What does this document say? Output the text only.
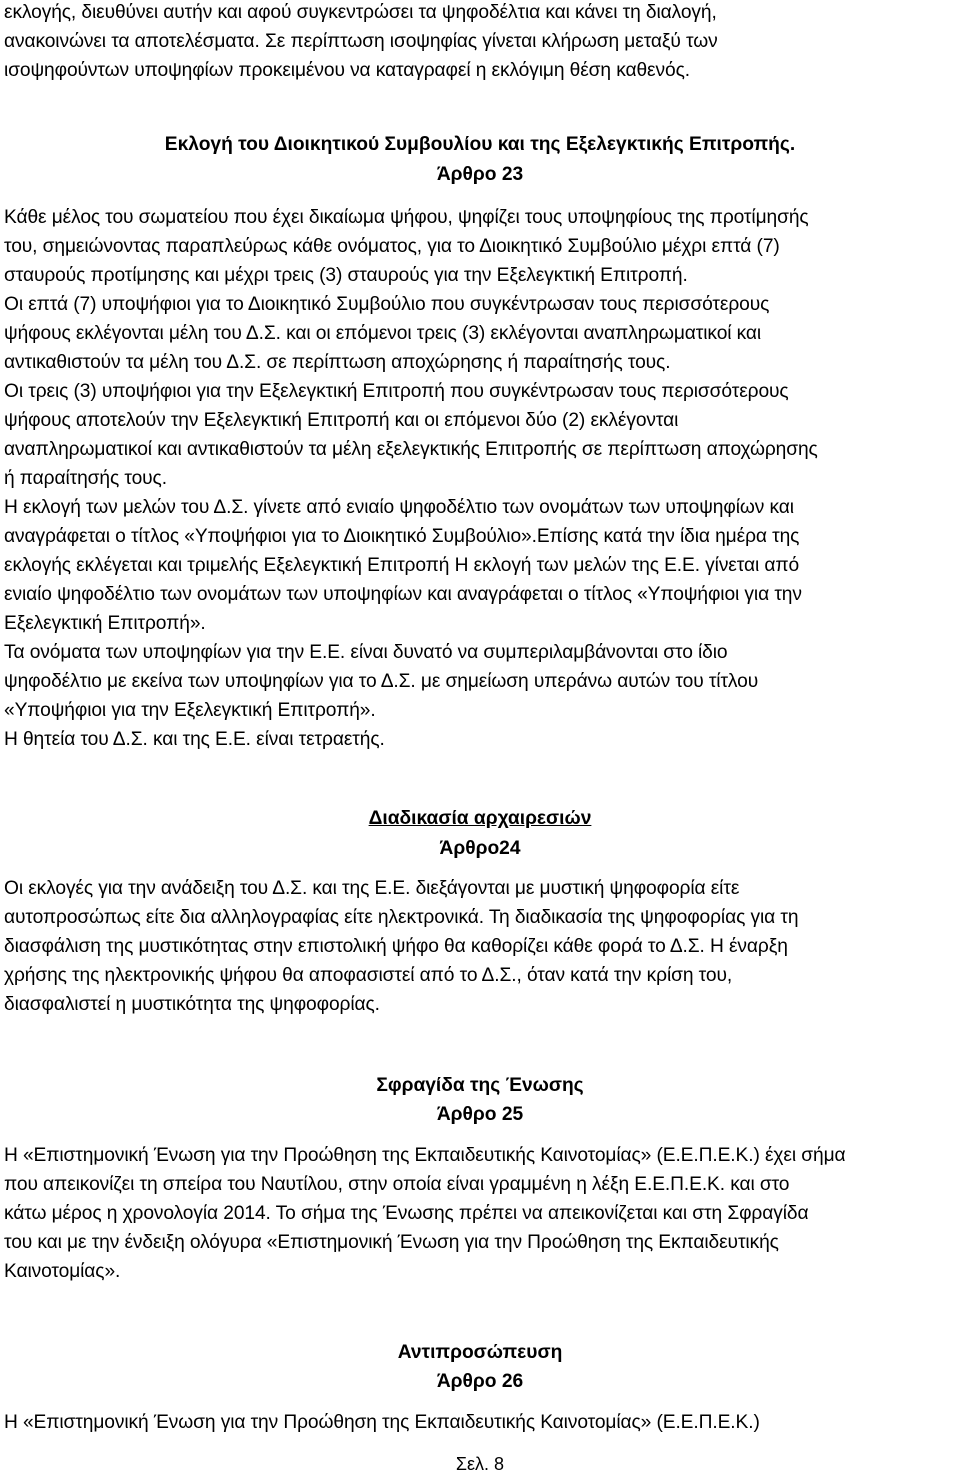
εκλογής, διευθύνει αυτήν και αφού συγκεντρώσει τα ψηφοδέλτια και κάνει τη διαλογή,
ανακοινώνει τα αποτελέσματα. Σε περίπτωση ισοψηφίας γίνεται κλήρωση μεταξύ των
ισοψηφούντων υποψηφίων προκειμένου να καταγραφεί η εκλόγιμη θέση καθενός.
Εκλογή του Διοικητικού Συμβουλίου και της Εξελεγκτικής Επιτροπής.
Άρθρο 23
Κάθε μέλος του σωματείου που έχει δικαίωμα ψήφου, ψηφίζει τους υποψηφίους της προτίμησής
του, σημειώνοντας παραπλεύρως κάθε ονόματος, για το Διοικητικό Συμβούλιο μέχρι επτά (7)
σταυρούς προτίμησης και μέχρι τρεις (3) σταυρούς για την Εξελεγκτική Επιτροπή.
Οι επτά (7) υποψήφιοι για το Διοικητικό Συμβούλιο που συγκέντρωσαν τους περισσότερους
ψήφους εκλέγονται μέλη του Δ.Σ. και οι επόμενοι τρεις (3) εκλέγονται αναπληρωματικοί και
αντικαθιστούν τα μέλη του Δ.Σ. σε περίπτωση αποχώρησης ή παραίτησής τους.
Οι τρεις (3) υποψήφιοι για την Εξελεγκτική Επιτροπή που συγκέντρωσαν τους περισσότερους
ψήφους αποτελούν την Εξελεγκτική Επιτροπή και οι επόμενοι δύο (2) εκλέγονται
αναπληρωματικοί και αντικαθιστούν τα μέλη εξελεγκτικής Επιτροπής σε περίπτωση αποχώρησης
ή παραίτησής τους.
Η εκλογή των μελών του Δ.Σ. γίνετε από ενιαίο ψηφοδέλτιο των ονομάτων των υποψηφίων και
αναγράφεται ο τίτλος «Υποψήφιοι για το Διοικητικό Συμβούλιο».Επίσης κατά την ίδια ημέρα της
εκλογής εκλέγεται και τριμελής Εξελεγκτική Επιτροπή Η εκλογή των μελών της Ε.Ε. γίνεται από
ενιαίο ψηφοδέλτιο των ονομάτων των υποψηφίων και αναγράφεται ο τίτλος «Υποψήφιοι για την
Εξελεγκτική Επιτροπή».
Τα ονόματα των υποψηφίων για την Ε.Ε. είναι δυνατό να συμπεριλαμβάνονται στο ίδιο
ψηφοδέλτιο με εκείνα των υποψηφίων για το Δ.Σ. με σημείωση υπεράνω αυτών του τίτλου
«Υποψήφιοι για την Εξελεγκτική Επιτροπή».
Η θητεία του Δ.Σ. και της Ε.Ε. είναι τετραετής.
Διαδικασία αρχαιρεσιών
Άρθρο24
Οι εκλογές για την ανάδειξη του Δ.Σ. και της Ε.Ε. διεξάγονται με μυστική ψηφοφορία είτε
αυτοπροσώπως είτε δια αλληλογραφίας είτε ηλεκτρονικά. Τη διαδικασία της ψηφοφορίας για τη
διασφάλιση της μυστικότητας στην επιστολική ψήφο θα καθορίζει κάθε φορά το Δ.Σ. Η έναρξη
χρήσης της ηλεκτρονικής ψήφου θα αποφασιστεί από το Δ.Σ., όταν κατά την κρίση του,
διασφαλιστεί η μυστικότητα της ψηφοφορίας.
Σφραγίδα της Ένωσης
Άρθρο 25
Η «Επιστημονική Ένωση για την Προώθηση της Εκπαιδευτικής Καινοτομίας» (Ε.Ε.Π.Ε.Κ.) έχει σήμα
που απεικονίζει τη σπείρα του Ναυτίλου, στην οποία είναι γραμμένη η λέξη Ε.Ε.Π.Ε.Κ. και στο
κάτω μέρος η χρονολογία 2014. Το σήμα της Ένωσης πρέπει να απεικονίζεται και στη Σφραγίδα
του και με την ένδειξη ολόγυρα «Επιστημονική Ένωση για την Προώθηση της Εκπαιδευτικής
Καινοτομίας».
Αντιπροσώπευση
Άρθρο 26
Η «Επιστημονική Ένωση για την Προώθηση της Εκπαιδευτικής Καινοτομίας» (Ε.Ε.Π.Ε.Κ.)
Σελ. 8
